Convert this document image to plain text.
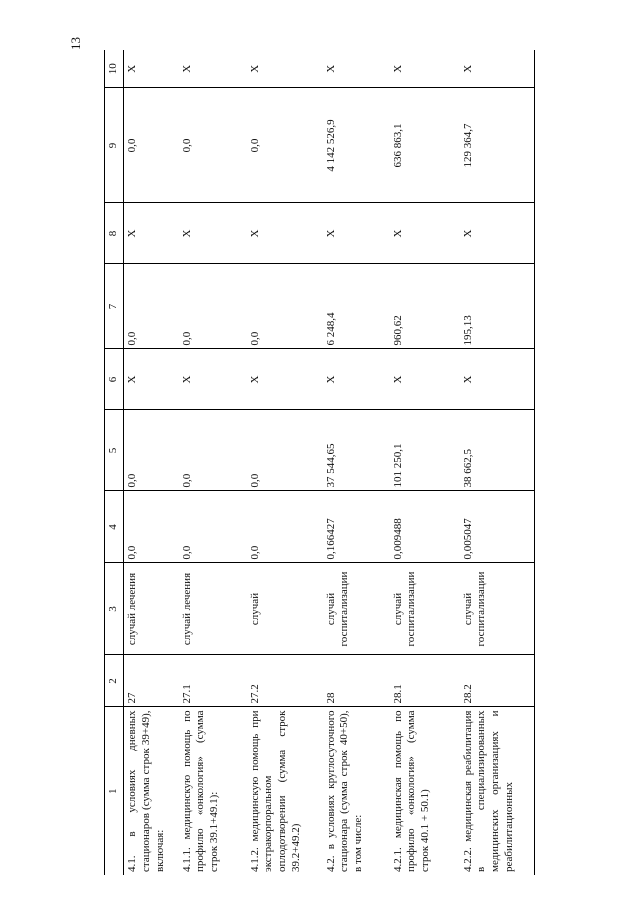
13
1	2	3	4	5	6	7	8	9	10
4.1. в условиях дневных стационаров (сумма строк 39+49), включая:	27	случай лечения	0,0	0,0	Х	0,0	Х	0,0	Х
4.1.1. медицинскую помощь по профилю «онкология» (сумма строк 39.1+49.1):	27.1	случай лечения	0,0	0,0	Х	0,0	Х	0,0	Х
4.1.2. медицинскую помощь при экстракорпоральном оплодотворении (сумма строк 39.2+49.2)	27.2	случай	0,0	0,0	Х	0,0	Х	0,0	Х
4.2. в условиях круглосуточного стационара (сумма строк 40+50), в том числе:	28	случай госпитализации	0,166427	37 544,65	Х	6 248,4	Х	4 142 526,9	Х
4.2.1. медицинская помощь по профилю «онкология» (сумма строк 40.1 + 50.1)	28.1	случай госпитализации	0,009488	101 250,1	Х	960,62	Х	636 863,1	Х
4.2.2. медицинская реабилитация в специализированных медицинских организациях и реабилитационных	28.2	случай госпитализации	0,005047	38 662,5	Х	195,13	Х	129 364,7	Х
